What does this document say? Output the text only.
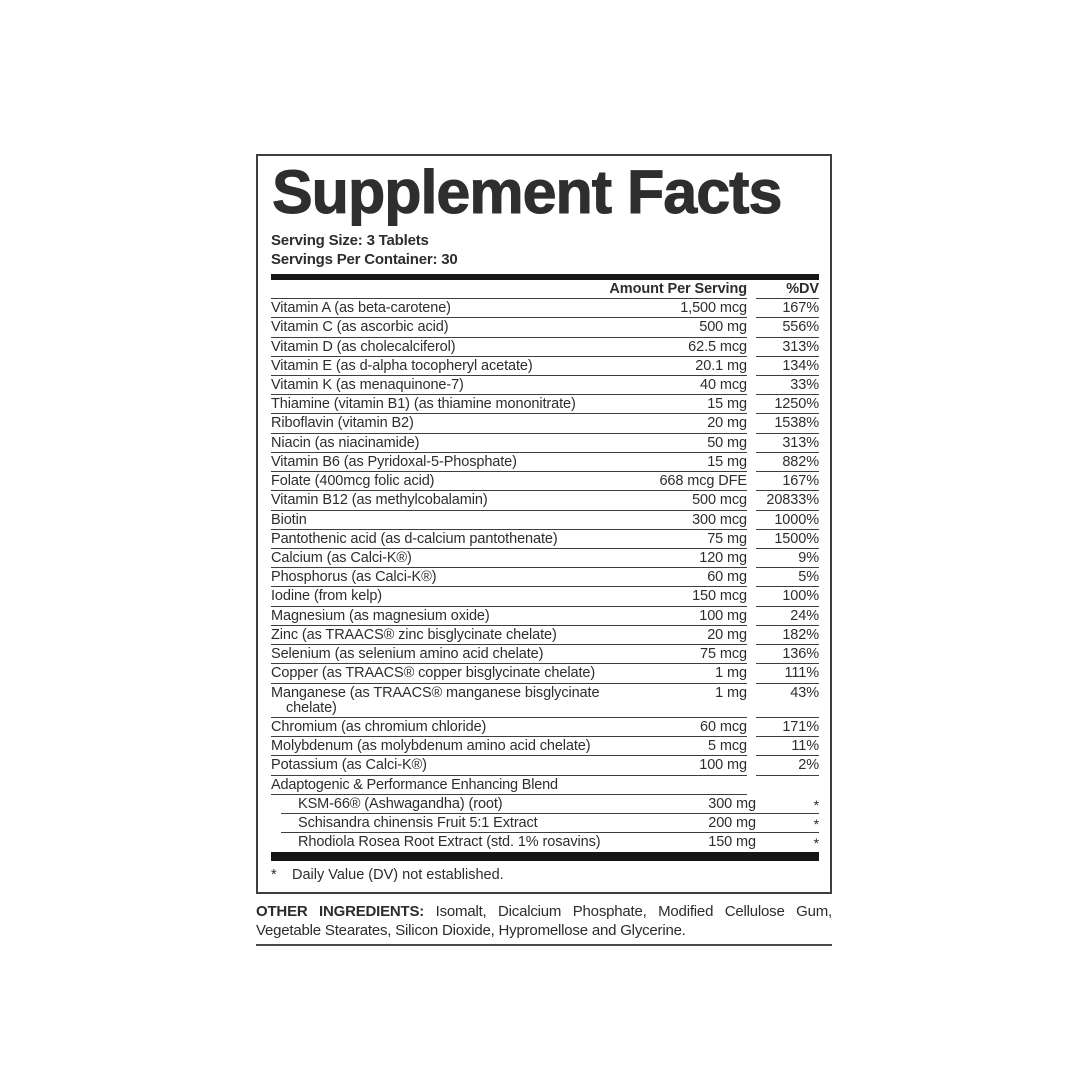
Supplement Facts
Serving Size: 3 Tablets
Servings Per Container: 30
Amount Per Serving	%DV
Vitamin A (as beta-carotene)	1,500 mcg	167%
Vitamin C (as ascorbic acid)	500 mg	556%
Vitamin D (as cholecalciferol)	62.5 mcg	313%
Vitamin E (as d-alpha tocopheryl acetate)	20.1 mg	134%
Vitamin K (as menaquinone-7)	40 mcg	33%
Thiamine (vitamin B1) (as thiamine mononitrate)	15 mg	1250%
Riboflavin (vitamin B2)	20 mg	1538%
Niacin (as niacinamide)	50 mg	313%
Vitamin B6 (as Pyridoxal-5-Phosphate)	15 mg	882%
Folate (400mcg folic acid)	668 mcg DFE	167%
Vitamin B12 (as methylcobalamin)	500 mcg	20833%
Biotin	300 mcg	1000%
Pantothenic acid (as d-calcium pantothenate)	75 mg	1500%
Calcium (as Calci-K®)	120 mg	9%
Phosphorus (as Calci-K®)	60 mg	5%
Iodine (from kelp)	150 mcg	100%
Magnesium (as magnesium oxide)	100 mg	24%
Zinc (as TRAACS® zinc bisglycinate chelate)	20 mg	182%
Selenium (as selenium amino acid chelate)	75 mcg	136%
Copper (as TRAACS® copper bisglycinate chelate)	1 mg	111%
Manganese (as TRAACS® manganese bisglycinate
chelate)
1 mg	43%
Chromium (as chromium chloride)	60 mcg	171%
Molybdenum (as molybdenum amino acid chelate)	5 mcg	11%
Potassium (as Calci-K®)	100 mg	2%
Adaptogenic & Performance Enhancing Blend
KSM-66® (Ashwagandha) (root)	300 mg	*
Schisandra chinensis Fruit 5:1 Extract	200 mg	*
Rhodiola Rosea Root Extract (std. 1% rosavins)	150 mg	*
*	Daily Value (DV) not established.
OTHER INGREDIENTS: Isomalt, Dicalcium Phosphate, Modified Cellulose Gum, Vegetable Stearates, Silicon Dioxide, Hypromellose and Glycerine.
